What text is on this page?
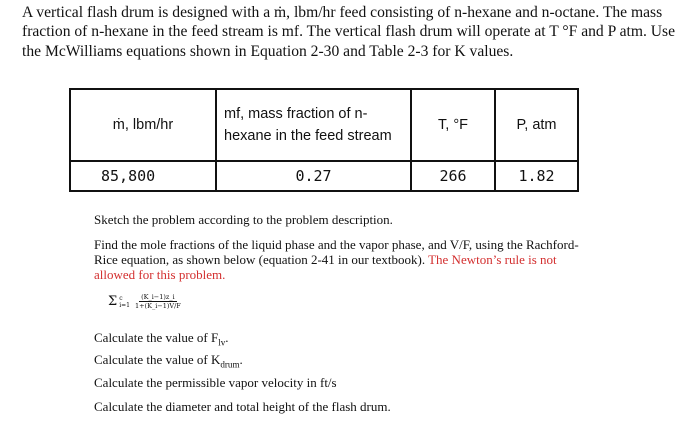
A vertical flash drum is designed with a ṁ, lbm/hr feed consisting of n-hexane and n-octane. The mass fraction of n-hexane in the feed stream is mf. The vertical flash drum will operate at T °F and P atm. Use the McWilliams equations shown in Equation 2-30 and Table 2-3 for K values.

ṁ, lbm/hr	mf, mass fraction of n-hexane in the feed stream	T, °F	P, atm
85,800	0.27	266	1.82

Sketch the problem according to the problem description.

Find the mole fractions of the liquid phase and the vapor phase, and V/F, using the Rachford-Rice equation, as shown below (equation 2-41 in our textbook). The Newton’s rule is not allowed for this problem.

Σ c
$i=1 \frac{(K\_i-1)z\_i}{1+(K\_i-1)V/F}$

Calculate the value of $F_{lv}$.

Calculate the value of $K_{drum}$.

Calculate the permissible vapor velocity in ft/s

Calculate the diameter and total height of the flash drum.
